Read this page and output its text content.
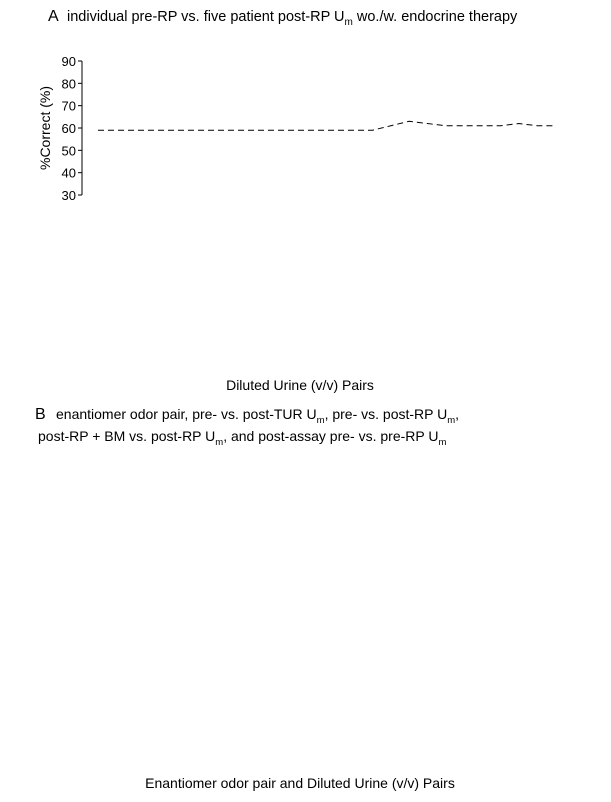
A individual pre-RP vs. five patient post-RP $U_m$ wo./w. endocrine therapy
30
40
50
60
70
80
90
%Correct (%)
Diluted Urine (v/v) Pairs
B enantiomer odor pair, pre- vs. post-TUR $U_m$, pre- vs. post-RP $U_m$,
post-RP + BM vs. post-RP $U_m$, and post-assay pre- vs. pre-RP $U_m$
Enantiomer odor pair and Diluted Urine (v/v) Pairs
